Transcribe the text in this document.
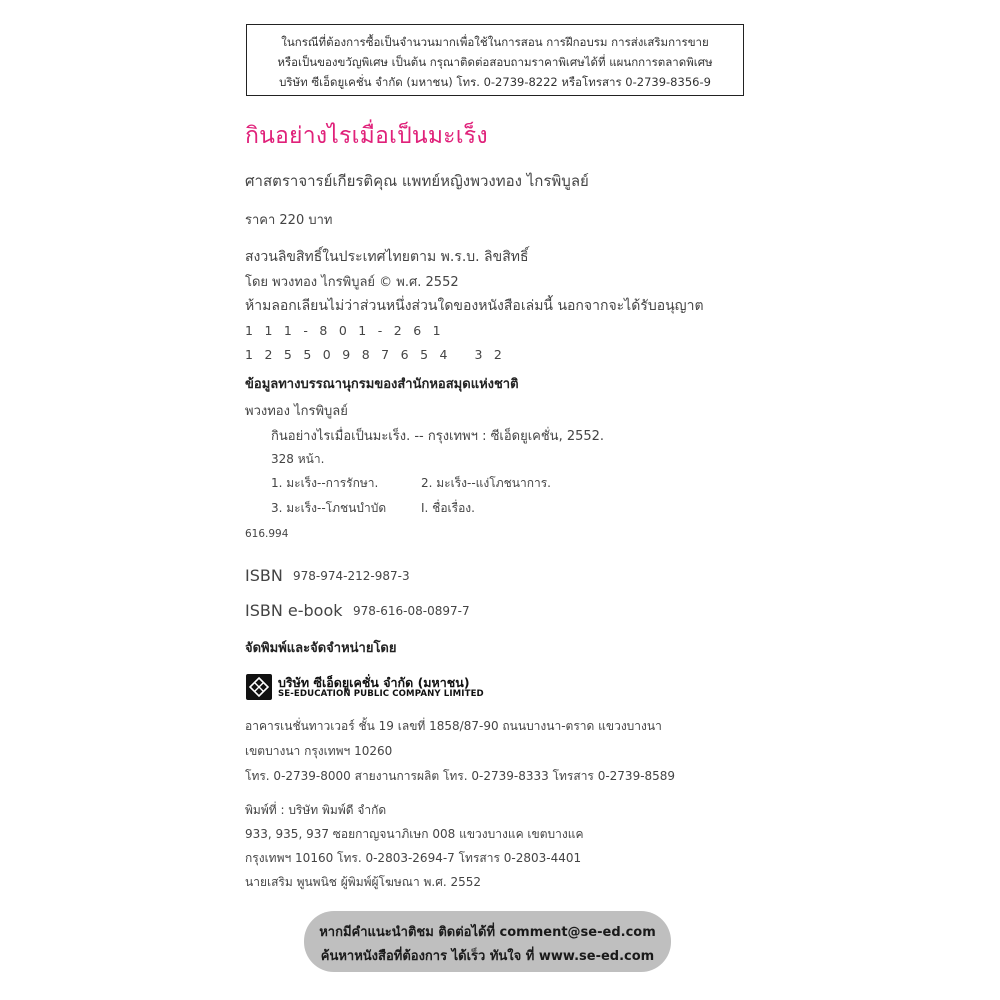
ในกรณีที่ต้องการซื้อเป็นจำนวนมากเพื่อใช้ในการสอน การฝึกอบรม การส่งเสริมการขาย
หรือเป็นของขวัญพิเศษ เป็นต้น กรุณาติดต่อสอบถามราคาพิเศษได้ที่ แผนกการตลาดพิเศษ
บริษัท ซีเอ็ดยูเคชั่น จำกัด (มหาชน) โทร. 0-2739-8222 หรือโทรสาร 0-2739-8356-9
กินอย่างไรเมื่อเป็นมะเร็ง
ศาสตราจารย์เกียรติคุณ แพทย์หญิงพวงทอง ไกรพิบูลย์
ราคา 220 บาท
สงวนลิขสิทธิ์ในประเทศไทยตาม พ.ร.บ. ลิขสิทธิ์
โดย พวงทอง ไกรพิบูลย์ © พ.ศ. 2552
ห้ามลอกเลียนไม่ว่าส่วนหนึ่งส่วนใดของหนังสือเล่มนี้ นอกจากจะได้รับอนุญาต
111-801-261
12550987654 32
ข้อมูลทางบรรณานุกรมของสำนักหอสมุดแห่งชาติ
พวงทอง ไกรพิบูลย์
กินอย่างไรเมื่อเป็นมะเร็ง. -- กรุงเทพฯ : ซีเอ็ดยูเคชั่น, 2552.
328 หน้า.
1. มะเร็ง--การรักษา.	2. มะเร็ง--แง่โภชนาการ.
3. มะเร็ง--โภชนบำบัด	I. ชื่อเรื่อง.
616.994
ISBN 978-974-212-987-3
ISBN e-book 978-616-08-0897-7
จัดพิมพ์และจัดจำหน่ายโดย
บริษัท ซีเอ็ดยูเคชั่น จำกัด (มหาชน)
SE-EDUCATION PUBLIC COMPANY LIMITED
อาคารเนชั่นทาวเวอร์ ชั้น 19 เลขที่ 1858/87-90 ถนนบางนา-ตราด แขวงบางนา
เขตบางนา กรุงเทพฯ 10260
โทร. 0-2739-8000 สายงานการผลิต โทร. 0-2739-8333 โทรสาร 0-2739-8589
พิมพ์ที่ : บริษัท พิมพ์ดี จำกัด
933, 935, 937 ซอยกาญจนาภิเษก 008 แขวงบางแค เขตบางแค
กรุงเทพฯ 10160 โทร. 0-2803-2694-7 โทรสาร 0-2803-4401
นายเสริม พูนพนิช ผู้พิมพ์ผู้โฆษณา พ.ศ. 2552
หากมีคำแนะนำติชม ติดต่อได้ที่ comment@se-ed.com
ค้นหาหนังสือที่ต้องการ ได้เร็ว ทันใจ ที่ www.se-ed.com
